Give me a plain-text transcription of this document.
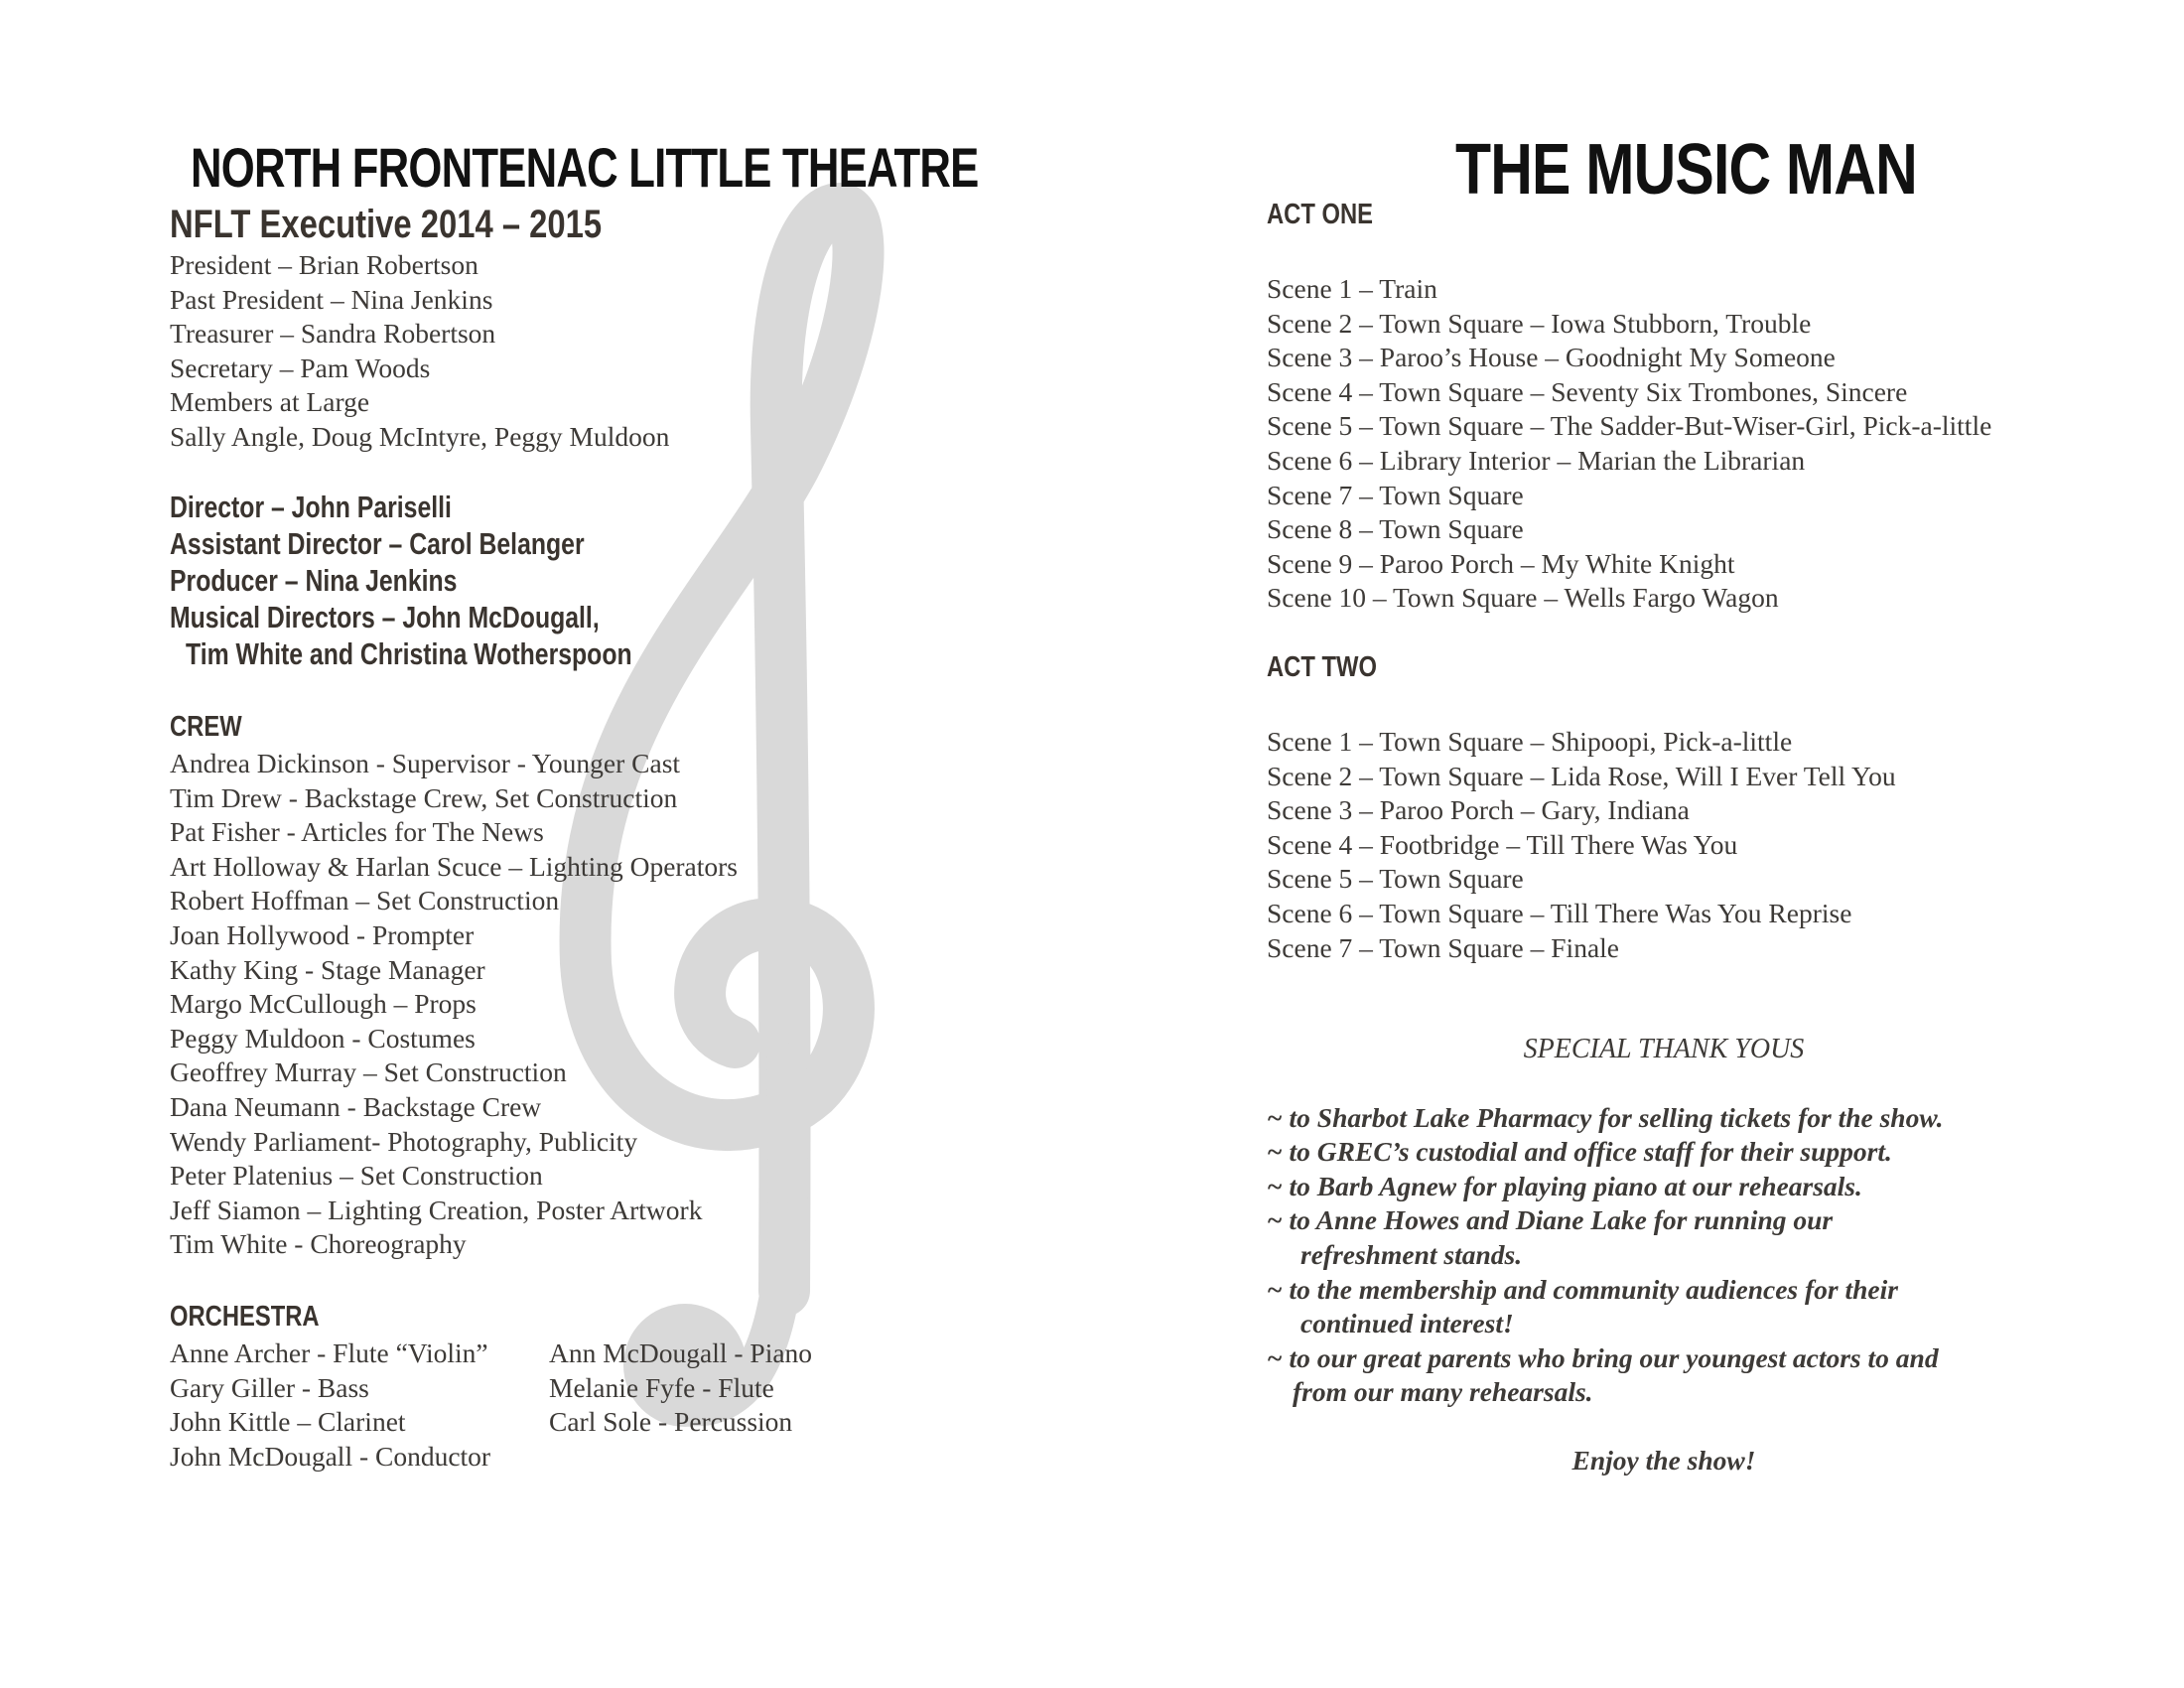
NORTH FRONTENAC LITTLE THEATRE
NFLT Executive 2014 – 2015
President – Brian Robertson
Past President – Nina Jenkins
Treasurer – Sandra Robertson
Secretary – Pam Woods
Members at Large
Sally Angle, Doug McIntyre, Peggy Muldoon
Director – John Pariselli
Assistant Director – Carol Belanger
Producer – Nina Jenkins
Musical Directors – John McDougall,
Tim White and Christina Wotherspoon
CREW
Andrea Dickinson - Supervisor - Younger Cast
Tim Drew - Backstage Crew, Set Construction
Pat Fisher - Articles for The News
Art Holloway & Harlan Scuce – Lighting Operators
Robert Hoffman – Set Construction
Joan Hollywood - Prompter
Kathy King - Stage Manager
Margo McCullough – Props
Peggy Muldoon - Costumes
Geoffrey Murray – Set Construction
Dana Neumann - Backstage Crew
Wendy Parliament- Photography, Publicity
Peter Platenius – Set Construction
Jeff Siamon – Lighting Creation, Poster Artwork
Tim White - Choreography
ORCHESTRA
Anne Archer - Flute “Violin”
Gary Giller - Bass
John Kittle – Clarinet
John McDougall - Conductor
Ann McDougall - Piano
Melanie Fyfe - Flute
Carl Sole - Percussion
THE MUSIC MAN
ACT ONE
Scene 1 – Train
Scene 2 – Town Square – Iowa Stubborn, Trouble
Scene 3 – Paroo’s House – Goodnight My Someone
Scene 4 – Town Square – Seventy Six Trombones, Sincere
Scene 5 – Town Square – The Sadder-But-Wiser-Girl, Pick-a-little
Scene 6 – Library Interior – Marian the Librarian
Scene 7 – Town Square
Scene 8 – Town Square
Scene 9 – Paroo Porch – My White Knight
Scene 10 – Town Square – Wells Fargo Wagon
ACT TWO
Scene 1 – Town Square – Shipoopi, Pick-a-little
Scene 2 – Town Square – Lida Rose, Will I Ever Tell You
Scene 3 – Paroo Porch – Gary, Indiana
Scene 4 – Footbridge – Till There Was You
Scene 5 – Town Square
Scene 6 – Town Square – Till There Was You Reprise
Scene 7 – Town Square – Finale
SPECIAL THANK YOUS
~ to Sharbot Lake Pharmacy for selling tickets for the show.
~ to GREC’s custodial and office staff for their support.
~ to Barb Agnew for playing piano at our rehearsals.
~ to Anne Howes and Diane Lake for running our
refreshment stands.
~ to the membership and community audiences for their
continued interest!
~ to our great parents who bring our youngest actors to and
from our many rehearsals.
Enjoy the show!
